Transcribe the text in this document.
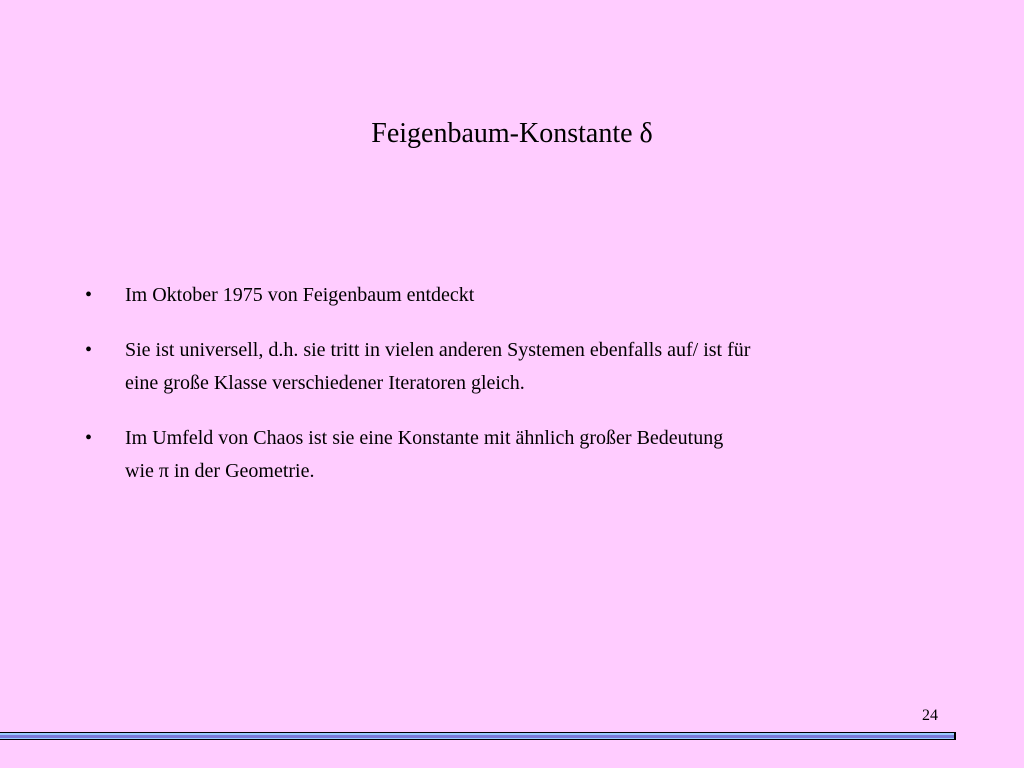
Feigenbaum-Konstante δ
•	Im Oktober 1975 von Feigenbaum entdeckt
•	Sie ist universell, d.h. sie tritt in vielen anderen Systemen ebenfalls auf/ ist für
eine große Klasse verschiedener Iteratoren gleich.
•	Im Umfeld von Chaos ist sie eine Konstante mit ähnlich großer Bedeutung
wie π in der Geometrie.
24
